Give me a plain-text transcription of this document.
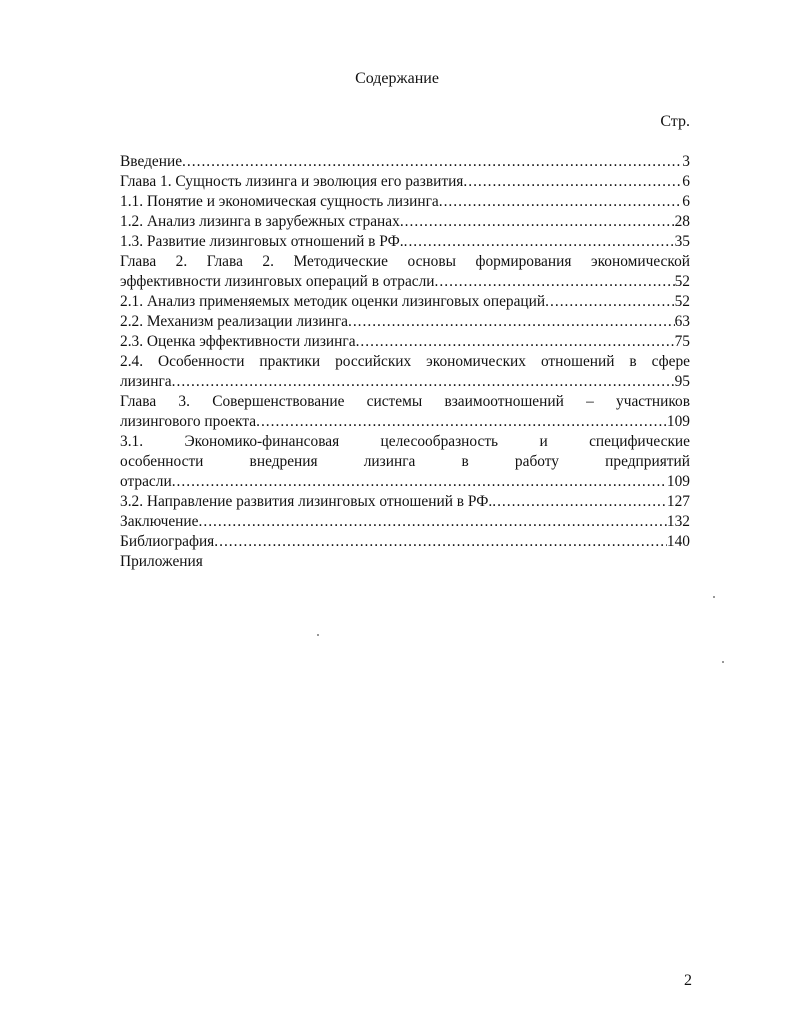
Содержание
Стр.
Введение .....	3
Глава 1. Сущность лизинга и эволюция его развития .....	6
1.1. Понятие и экономическая сущность лизинга .....	6
1.2. Анализ лизинга в зарубежных странах .....	28
1.3. Развитие лизинговых отношений в РФ. .....	35
Глава 2. Глава 2. Методические основы формирования экономической
эффективности лизинговых операций в отрасли .....	52
2.1. Анализ применяемых методик оценки лизинговых операций .....	52
2.2. Механизм реализации лизинга .....	63
2.3. Оценка эффективности лизинга .....	75
2.4. Особенности практики российских экономических отношений в сфере
лизинга .....	95
Глава 3. Совершенствование системы взаимоотношений – участников
лизингового проекта .....	109
3.1. Экономико-финансовая целесообразность и специфические
особенности внедрения лизинга в работу предприятий
отрасли .....	109
3.2. Направление развития лизинговых отношений в РФ. .....	127
Заключение .....	132
Библиография .....	140
Приложения
2
